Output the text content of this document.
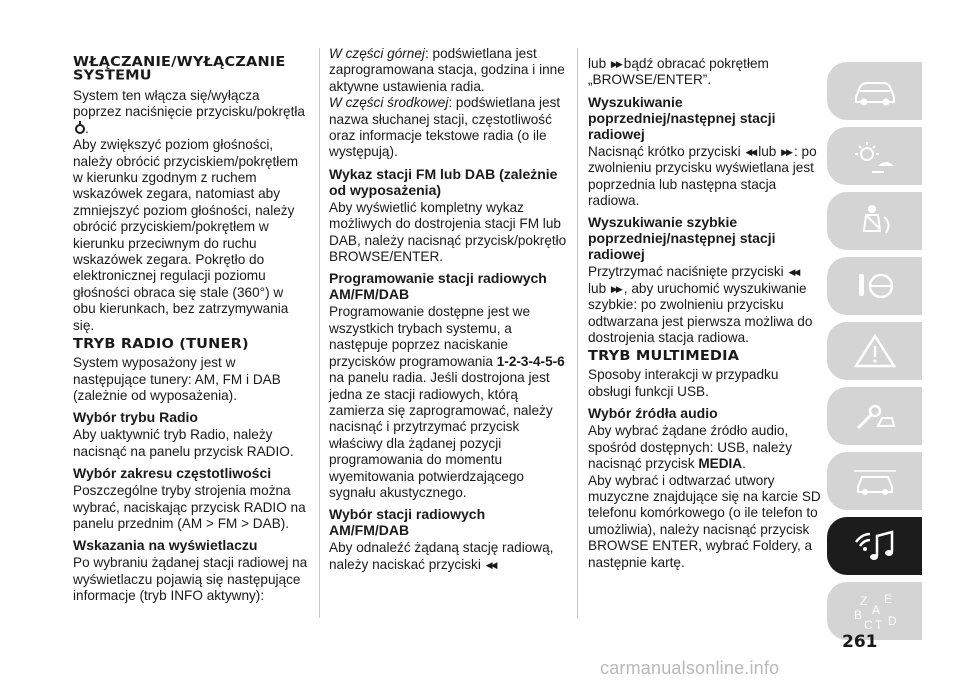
WŁĄCZANIE/WYŁĄCZANIE SYSTEMU

System ten włącza się/wyłącza poprzez naciśnięcie przycisku/pokrętła.

Aby zwiększyć poziom głośności, należy obrócić przyciskiem/pokrętłem w kierunku zgodnym z ruchem wskazówek zegara, natomiast aby zmniejszyć poziom głośności, należy obrócić przyciskiem/pokrętłem w kierunku przeciwnym do ruchu wskazówek zegara. Pokrętło do elektronicznej regulacji poziomu głośności obraca się stale (360°) w obu kierunkach, bez zatrzymywania się.

TRYB RADIO (TUNER)

System wyposażony jest w następujące tunery: AM, FM i DAB (zależnie od wyposażenia).

Wybór trybu Radio

Aby uaktywnić tryb Radio, należy nacisnąć na panelu przycisk RADIO.

Wybór zakresu częstotliwości

Poszczególne tryby strojenia można wybrać, naciskając przycisk RADIO na panelu przednim (AM > FM > DAB).

Wskazania na wyświetlaczu

Po wybraniu żądanej stacji radiowej na wyświetlaczu pojawią się następujące informacje (tryb INFO aktywny):

W części górnej: podświetlana jest zaprogramowana stacja, godzina i inne aktywne ustawienia radia.

W części środkowej: podświetlana jest nazwa słuchanej stacji, częstotliwość oraz informacje tekstowe radia (o ile występują).

Wykaz stacji FM lub DAB (zależnie od wyposażenia)

Aby wyświetlić kompletny wykaz możliwych do dostrojenia stacji FM lub DAB, należy nacisnąć przycisk/pokrętło BROWSE/ENTER.

Programowanie stacji radiowych AM/FM/DAB

Programowanie dostępne jest we wszystkich trybach systemu, a następuje poprzez naciskanie przycisków programowania 1-2-3-4-5-6 na panelu radia. Jeśli dostrojona jest jedna ze stacji radiowych, którą zamierza się zaprogramować, należy nacisnąć i przytrzymać przycisk właściwy dla żądanej pozycji programowania do momentu wyemitowania potwierdzającego sygnału akustycznego.

Wybór stacji radiowych AM/FM/DAB

Aby odnaleźć żądaną stację radiową, należy naciskać przyciski ◀◀

lub ▶▶ bądź obracać pokrętłem „BROWSE/ENTER”.

Wyszukiwanie poprzedniej/następnej stacji radiowej

Nacisnąć krótko przyciski ◀◀ lub ▶▶ : po zwolnieniu przycisku wyświetlana jest poprzednia lub następna stacja radiowa.

Wyszukiwanie szybkie poprzedniej/następnej stacji radiowej

Przytrzymać naciśnięte przyciski ◀◀
lub ▶▶ , aby uruchomić wyszukiwanie szybkie: po zwolnieniu przycisku odtwarzana jest pierwsza możliwa do dostrojenia stacja radiowa.

TRYB MULTIMEDIA

Sposoby interakcji w przypadku obsługi funkcji USB.

Wybór źródła audio

Aby wybrać żądane źródło audio, spośród dostępnych: USB, należy nacisnąć przycisk MEDIA.

Aby wybrać i odtwarzać utwory muzyczne znajdujące się na karcie SD telefonu komórkowego (o ile telefon to umożliwia), należy nacisnąć przycisk BROWSE ENTER, wybrać Foldery, a następnie kartę.

Z E
A
B
C T D
261
carmanualsonline.info
